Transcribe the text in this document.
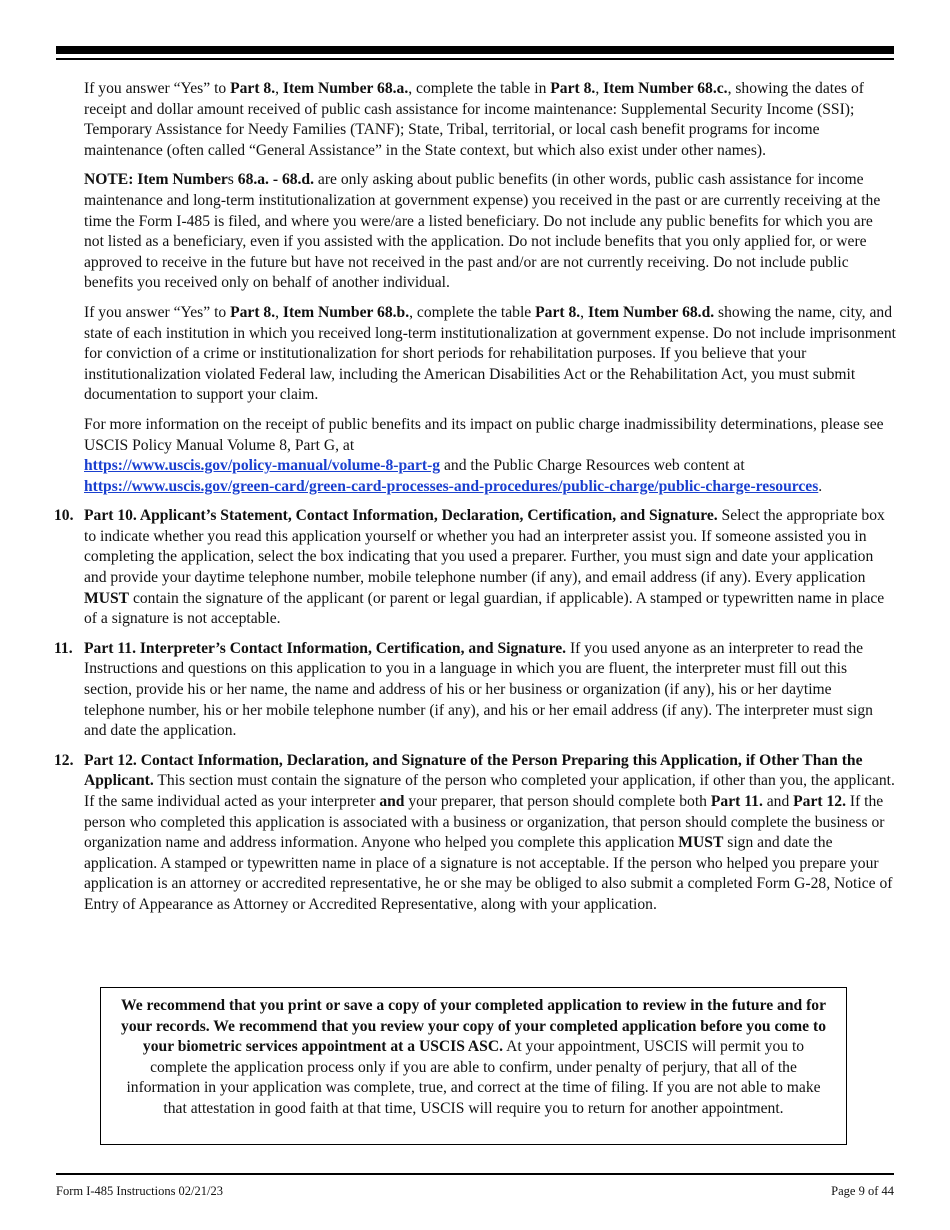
If you answer “Yes” to Part 8., Item Number 68.a., complete the table in Part 8., Item Number 68.c., showing the dates of receipt and dollar amount received of public cash assistance for income maintenance: Supplemental Security Income (SSI); Temporary Assistance for Needy Families (TANF); State, Tribal, territorial, or local cash benefit programs for income maintenance (often called “General Assistance” in the State context, but which also exist under other names).

NOTE: Item Numbers 68.a. - 68.d. are only asking about public benefits (in other words, public cash assistance for income maintenance and long-term institutionalization at government expense) you received in the past or are currently receiving at the time the Form I-485 is filed, and where you were/are a listed beneficiary. Do not include any public benefits for which you are not listed as a beneficiary, even if you assisted with the application. Do not include benefits that you only applied for, or were approved to receive in the future but have not received in the past and/or are not currently receiving. Do not include public benefits you received only on behalf of another individual.

If you answer “Yes” to Part 8., Item Number 68.b., complete the table Part 8., Item Number 68.d. showing the name, city, and state of each institution in which you received long-term institutionalization at government expense. Do not include imprisonment for conviction of a crime or institutionalization for short periods for rehabilitation purposes. If you believe that your institutionalization violated Federal law, including the American Disabilities Act or the Rehabilitation Act, you must submit documentation to support your claim.

For more information on the receipt of public benefits and its impact on public charge inadmissibility determinations, please see USCIS Policy Manual Volume 8, Part G, at
https://www.uscis.gov/policy-manual/volume-8-part-g and the Public Charge Resources web content at
https://www.uscis.gov/green-card/green-card-processes-and-procedures/public-charge/public-charge-resources.

10. Part 10. Applicant’s Statement, Contact Information, Declaration, Certification, and Signature. Select the appropriate box to indicate whether you read this application yourself or whether you had an interpreter assist you. If someone assisted you in completing the application, select the box indicating that you used a preparer. Further, you must sign and date your application and provide your daytime telephone number, mobile telephone number (if any), and email address (if any). Every application MUST contain the signature of the applicant (or parent or legal guardian, if applicable). A stamped or typewritten name in place of a signature is not acceptable.
11. Part 11. Interpreter’s Contact Information, Certification, and Signature. If you used anyone as an interpreter to read the Instructions and questions on this application to you in a language in which you are fluent, the interpreter must fill out this section, provide his or her name, the name and address of his or her business or organization (if any), his or her daytime telephone number, his or her mobile telephone number (if any), and his or her email address (if any). The interpreter must sign and date the application.
12. Part 12. Contact Information, Declaration, and Signature of the Person Preparing this Application, if Other Than the Applicant. This section must contain the signature of the person who completed your application, if other than you, the applicant. If the same individual acted as your interpreter and your preparer, that person should complete both Part 11. and Part 12. If the person who completed this application is associated with a business or organization, that person should complete the business or organization name and address information. Anyone who helped you complete this application MUST sign and date the application. A stamped or typewritten name in place of a signature is not acceptable. If the person who helped you prepare your application is an attorney or accredited representative, he or she may be obliged to also submit a completed Form G-28, Notice of Entry of Appearance as Attorney or Accredited Representative, along with your application.
We recommend that you print or save a copy of your completed application to review in the future and for your records. We recommend that you review your copy of your completed application before you come to your biometric services appointment at a USCIS ASC. At your appointment, USCIS will permit you to complete the application process only if you are able to confirm, under penalty of perjury, that all of the information in your application was complete, true, and correct at the time of filing. If you are not able to make that attestation in good faith at that time, USCIS will require you to return for another appointment.
Form I-485 Instructions 02/21/23	Page 9 of 44
